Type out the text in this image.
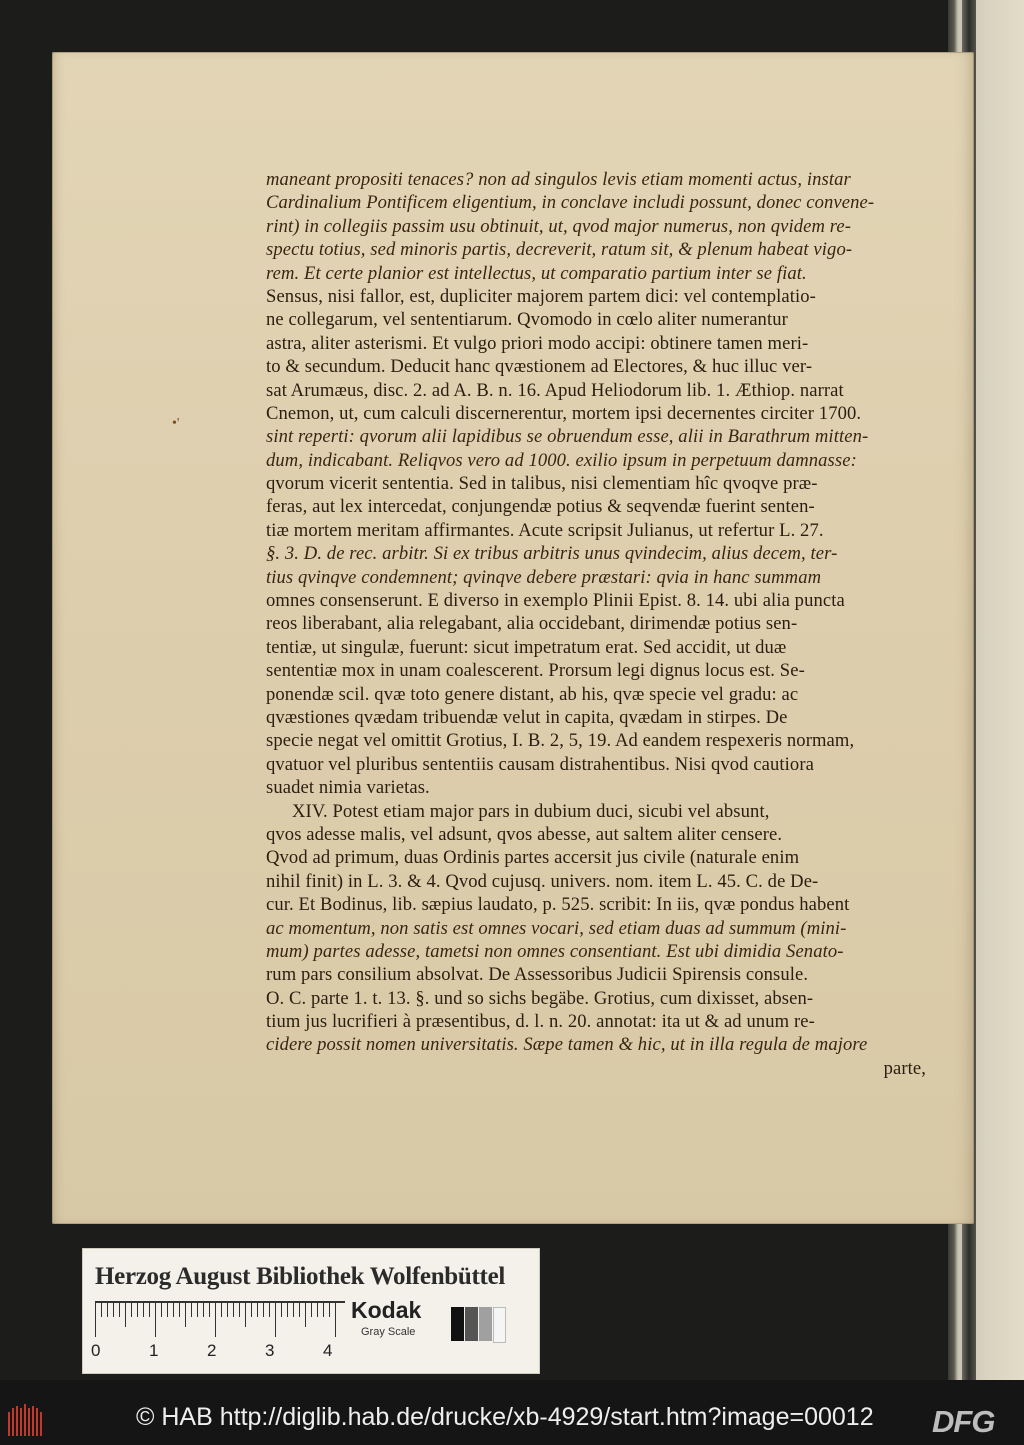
•'
maneant propositi tenaces? non ad singulos levis etiam momenti actus, instar
Cardinalium Pontificem eligentium, in conclave includi possunt, donec convene-
rint) in collegiis passim usu obtinuit, ut, qvod major numerus, non qvidem re-
spectu totius, sed minoris partis, decreverit, ratum sit, & plenum habeat vigo-
rem. Et certe planior est intellectus, ut comparatio partium inter se fiat.
Sensus, nisi fallor, est, dupliciter majorem partem dici: vel contemplatio-
ne collegarum, vel sententiarum. Qvomodo in cœlo aliter numerantur
astra, aliter asterismi. Et vulgo priori modo accipi: obtinere tamen meri-
to & secundum. Deducit hanc qvæstionem ad Electores, & huc illuc ver-
sat Arumæus, disc. 2. ad A. B. n. 16. Apud Heliodorum lib. 1. Æthiop. narrat
Cnemon, ut, cum calculi discernerentur, mortem ipsi decernentes circiter 1700.
sint reperti: qvorum alii lapidibus se obruendum esse, alii in Barathrum mitten-
dum, indicabant. Reliqvos vero ad 1000. exilio ipsum in perpetuum damnasse:
qvorum vicerit sententia. Sed in talibus, nisi clementiam hîc qvoqve præ-
feras, aut lex intercedat, conjungendæ potius & seqvendæ fuerint senten-
tiæ mortem meritam affirmantes. Acute scripsit Julianus, ut refertur L. 27.
§. 3. D. de rec. arbitr. Si ex tribus arbitris unus qvindecim, alius decem, ter-
tius qvinqve condemnent; qvinqve debere præstari: qvia in hanc summam
omnes consenserunt. E diverso in exemplo Plinii Epist. 8. 14. ubi alia puncta
reos liberabant, alia relegabant, alia occidebant, dirimendæ potius sen-
tentiæ, ut singulæ, fuerunt: sicut impetratum erat. Sed accidit, ut duæ
sententiæ mox in unam coalescerent. Prorsum legi dignus locus est. Se-
ponendæ scil. qvæ toto genere distant, ab his, qvæ specie vel gradu: ac
qvæstiones qvædam tribuendæ velut in capita, qvædam in stirpes. De
specie negat vel omittit Grotius, I. B. 2, 5, 19. Ad eandem respexeris normam,
qvatuor vel pluribus sententiis causam distrahentibus. Nisi qvod cautiora
suadet nimia varietas.
XIV. Potest etiam major pars in dubium duci, sicubi vel absunt,
qvos adesse malis, vel adsunt, qvos abesse, aut saltem aliter censere.
Qvod ad primum, duas Ordinis partes accersit jus civile (naturale enim
nihil finit) in L. 3. & 4. Qvod cujusq. univers. nom. item L. 45. C. de De-
cur. Et Bodinus, lib. sæpius laudato, p. 525. scribit: In iis, qvæ pondus habent
ac momentum, non satis est omnes vocari, sed etiam duas ad summum (mini-
mum) partes adesse, tametsi non omnes consentiant. Est ubi dimidia Senato-
rum pars consilium absolvat. De Assessoribus Judicii Spirensis consule.
O. C. parte 1. t. 13. §. und so sichs begäbe. Grotius, cum dixisset, absen-
tium jus lucrifieri à præsentibus, d. l. n. 20. annotat: ita ut & ad unum re-
cidere possit nomen universitatis. Sæpe tamen & hic, ut in illa regula de majore
parte,
Herzog August Bibliothek Wolfenbüttel
0	1	2	3	4
Kodak
Gray Scale
© HAB http://diglib.hab.de/drucke/xb-4929/start.htm?image=00012 DFG
